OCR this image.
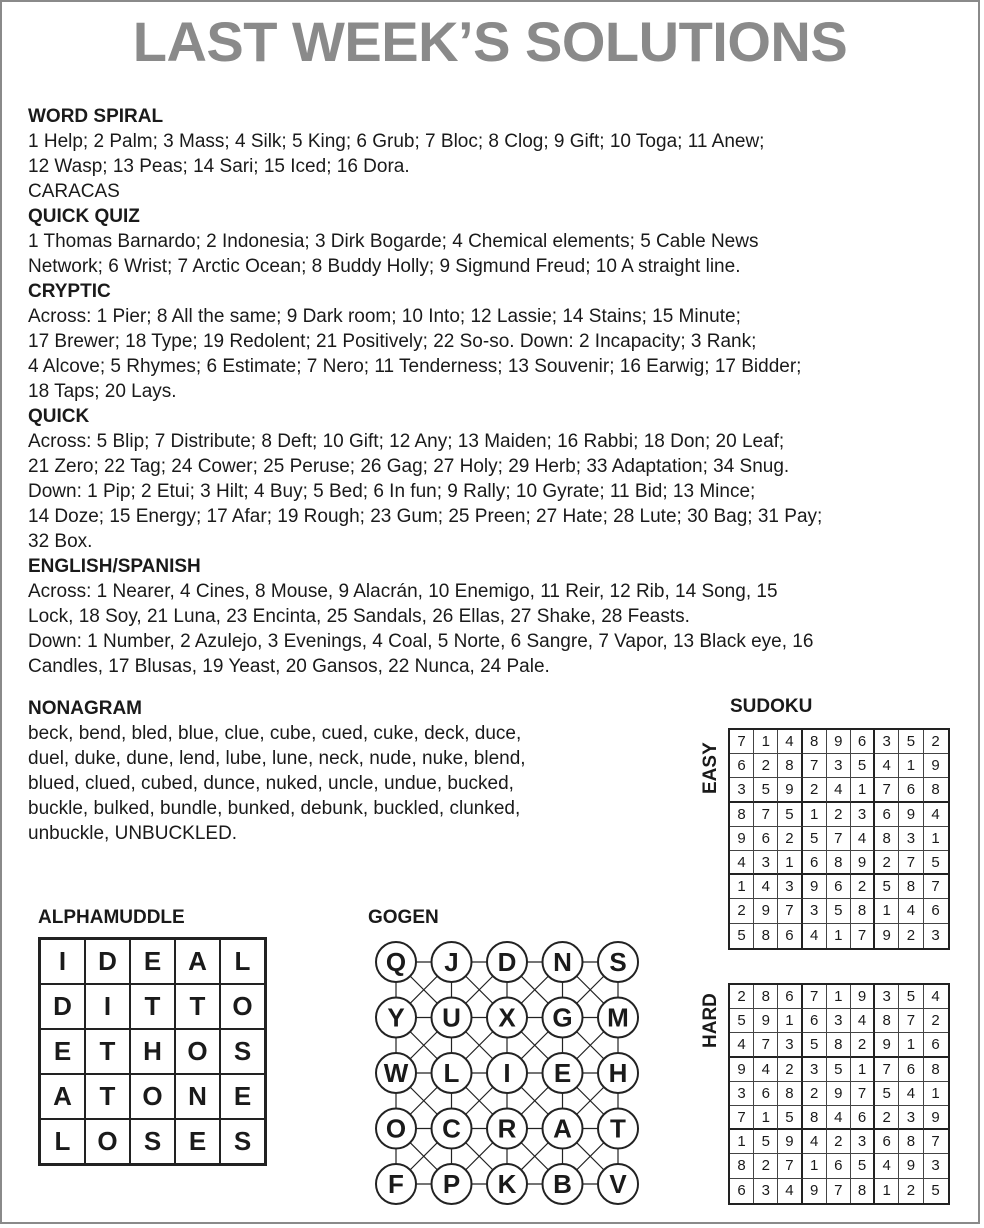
LAST WEEK’S SOLUTIONS
WORD SPIRAL

1 Help; 2 Palm; 3 Mass; 4 Silk; 5 King; 6 Grub; 7 Bloc; 8 Clog; 9 Gift; 10 Toga; 11 Anew;
12 Wasp; 13 Peas; 14 Sari; 15 Iced; 16 Dora.
CARACAS

QUICK QUIZ

1 Thomas Barnardo; 2 Indonesia; 3 Dirk Bogarde; 4 Chemical elements; 5 Cable News
Network; 6 Wrist; 7 Arctic Ocean; 8 Buddy Holly; 9 Sigmund Freud; 10 A straight line.

CRYPTIC

Across: 1 Pier; 8 All the same; 9 Dark room; 10 Into; 12 Lassie; 14 Stains; 15 Minute;
17 Brewer; 18 Type; 19 Redolent; 21 Positively; 22 So-so. Down: 2 Incapacity; 3 Rank;
4 Alcove; 5 Rhymes; 6 Estimate; 7 Nero; 11 Tenderness; 13 Souvenir; 16 Earwig; 17 Bidder;
18 Taps; 20 Lays.

QUICK

Across: 5 Blip; 7 Distribute; 8 Deft; 10 Gift; 12 Any; 13 Maiden; 16 Rabbi; 18 Don; 20 Leaf;
21 Zero; 22 Tag; 24 Cower; 25 Peruse; 26 Gag; 27 Holy; 29 Herb; 33 Adaptation; 34 Snug.
Down: 1 Pip; 2 Etui; 3 Hilt; 4 Buy; 5 Bed; 6 In fun; 9 Rally; 10 Gyrate; 11 Bid; 13 Mince;
14 Doze; 15 Energy; 17 Afar; 19 Rough; 23 Gum; 25 Preen; 27 Hate; 28 Lute; 30 Bag; 31 Pay;
32 Box.

ENGLISH/SPANISH

Across: 1 Nearer, 4 Cines, 8 Mouse, 9 Alacrán, 10 Enemigo, 11 Reir, 12 Rib, 14 Song, 15
Lock, 18 Soy, 21 Luna, 23 Encinta, 25 Sandals, 26 Ellas, 27 Shake, 28 Feasts.
Down: 1 Number, 2 Azulejo, 3 Evenings, 4 Coal, 5 Norte, 6 Sangre, 7 Vapor, 13 Black eye, 16
Candles, 17 Blusas, 19 Yeast, 20 Gansos, 22 Nunca, 24 Pale.

NONAGRAM

beck, bend, bled, blue, clue, cube, cued, cuke, deck, duce,
duel, duke, dune, lend, lube, lune, neck, nude, nuke, blend,
blued, clued, cubed, dunce, nuked, uncle, undue, bucked,
buckle, bulked, bundle, bunked, debunk, buckled, clunked,
unbuckle, UNBUCKLED.

ALPHAMUDDLE
I	D	E	A	L
D	I	T	T	O
E	T	H O	S
A	T	O N	E
L	O	S	E	S
GOGEN
Q J D N S
Y U X G M
W L I E H
O C R A T
F P K B V
SUDOKU
EASY
7	1	4	8	9	6	3	5	2
6	2	8	7	3	5	4	1	9
3	5	9	2	4	1	7	6	8
8	7	5	1	2	3	6	9	4
9	6	2	5	7	4	8	3	1
4	3	1	6	8	9	2	7	5
1	4	3	9	6	2	5	8	7
2	9	7	3	5	8	1	4	6
5	8	6	4	1	7	9	2	3
HARD	2	8	6	7	1	9	3	5	4
5	9	1	6	3	4	8	7	2
4	7	3	5	8	2	9	1	6
9	4	2	3	5	1	7	6	8
3	6	8	2	9	7	5	4	1
7	1	5	8	4	6	2	3	9
1	5	9	4	2	3	6	8	7
8	2	7	1	6	5	4	9	3
6	3	4	9	7	8	1	2	5
